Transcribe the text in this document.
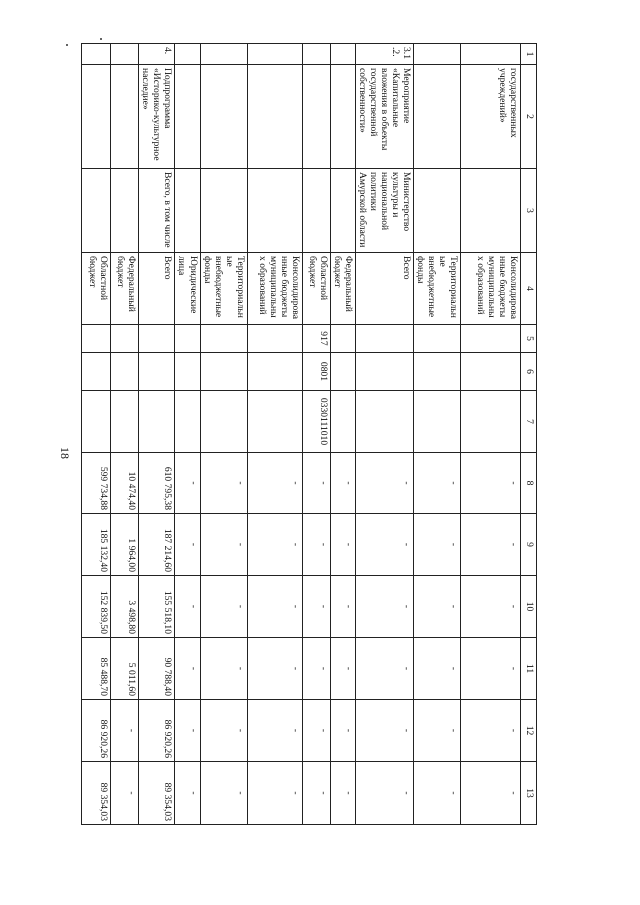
18
1	2	3	4	5	6	7	8	9	10	11	12	13
	государственных учреждений»		Консолидированные бюджеты муниципальных образований				-	-	-	-	-	-
			Территориальные внебюджетные фонды				-	-	-	-	-	-
3.1.2.	Мероприятие «Капитальные вложения в объекты государственной собственности»	Министерство культуры и национальной политики Амурской области	Всего				-	-	-	-	-	-
			Федеральный бюджет				-	-	-	-	-	-
			Областной бюджет	917	0801	0330111010	-	-	-	-	-	-
			Консолидированные бюджеты муниципальных образований				-	-	-	-	-	-
			Территориальные внебюджетные фонды				-	-	-	-	-	-
			Юридические лица				-	-	-	-	-	-
4.	Подпрограмма «Историко-культурное наследие»	Всего, в том числе	Всего				610 795,38	187 214,60	155 518,10	90 788,40	86 920,26	89 354,03
			Федеральный бюджет				10 474,40	1 964,00	3 498,80	5 011,60	-	-
			Областной бюджет				599 734,88	185 132,40	152 839,50	85 488,70	86 920,26	89 354,03
